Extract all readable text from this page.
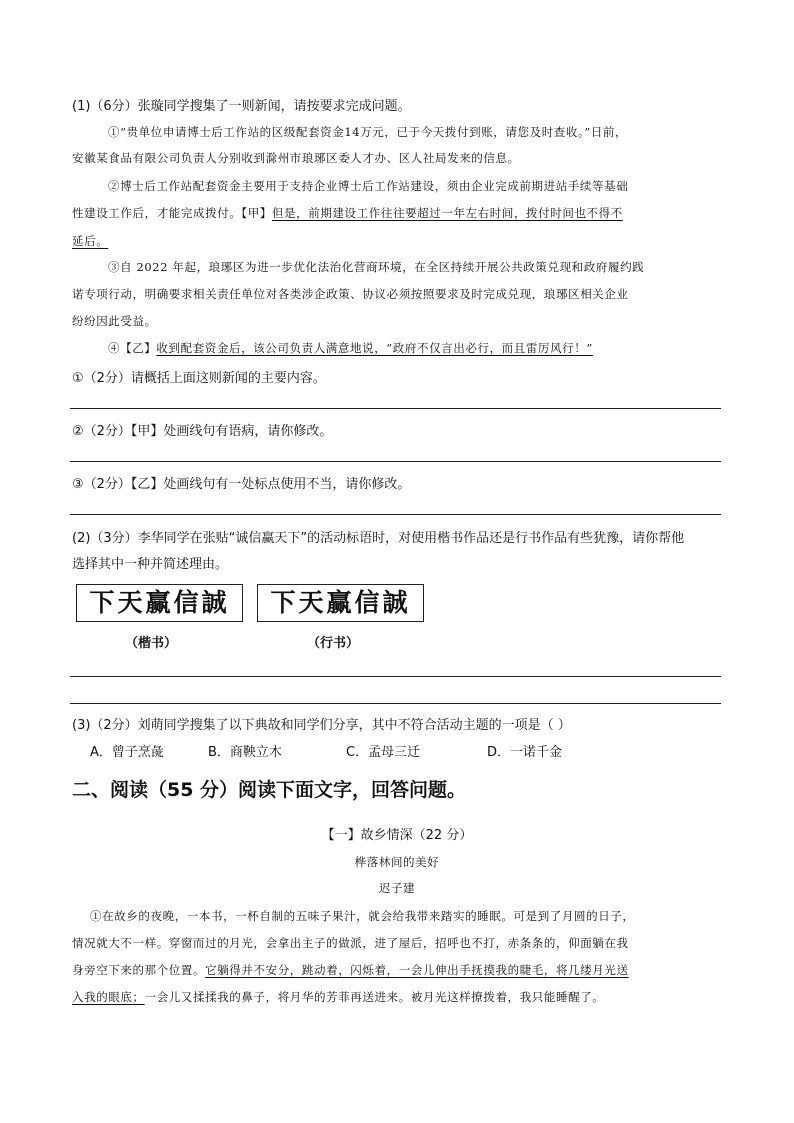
(1)（6分）张璇同学搜集了一则新闻，请按要求完成问题。
①“贵单位申请博士后工作站的区级配套资金14万元，已于今天拨付到账，请您及时查收。”日前，
安徽某食品有限公司负责人分别收到滁州市琅琊区委人才办、区人社局发来的信息。
②博士后工作站配套资金主要用于支持企业博士后工作站建设，须由企业完成前期进站手续等基础
性建设工作后，才能完成拨付。【甲】但是，前期建设工作往往要超过一年左右时间，拨付时间也不得不
延后。
③自 2022 年起，琅琊区为进一步优化法治化营商环境，在全区持续开展公共政策兑现和政府履约践
诺专项行动，明确要求相关责任单位对各类涉企政策、协议必须按照要求及时完成兑现，琅琊区相关企业
纷纷因此受益。
④【乙】收到配套资金后，该公司负责人满意地说，“政府不仅言出必行，而且雷厉风行！”
①（2分）请概括上面这则新闻的主要内容。
②（2分）【甲】处画线句有语病，请你修改。
③（2分）【乙】处画线句有一处标点使用不当，请你修改。
(2)（3分）李华同学在张贴“诚信赢天下”的活动标语时，对使用楷书作品还是行书作品有些犹豫，请你帮他
选择其中一种并简述理由。
下天赢信誠	下天赢信誠
（楷书）	（行书）
(3)（2分）刘萌同学搜集了以下典故和同学们分享，其中不符合活动主题的一项是（ ）
A．曾子烹彘	B．商鞅立木	C．孟母三迁	D．一诺千金
二、阅读（55 分）阅读下面文字，回答问题。
【一】故乡情深（22 分）
桦落林间的美好
迟子建
①在故乡的夜晚，一本书，一杯自制的五味子果汁，就会给我带来踏实的睡眠。可是到了月圆的日子，
情况就大不一样。穿窗而过的月光，会拿出主子的做派，进了屋后，招呼也不打，赤条条的，仰面躺在我
身旁空下来的那个位置。它躺得并不安分，跳动着，闪烁着，一会儿伸出手抚摸我的睫毛，将几缕月光送
入我的眼底；一会儿又揉揉我的鼻子，将月华的芳菲再送进来。被月光这样撩拨着，我只能睡醒了。
